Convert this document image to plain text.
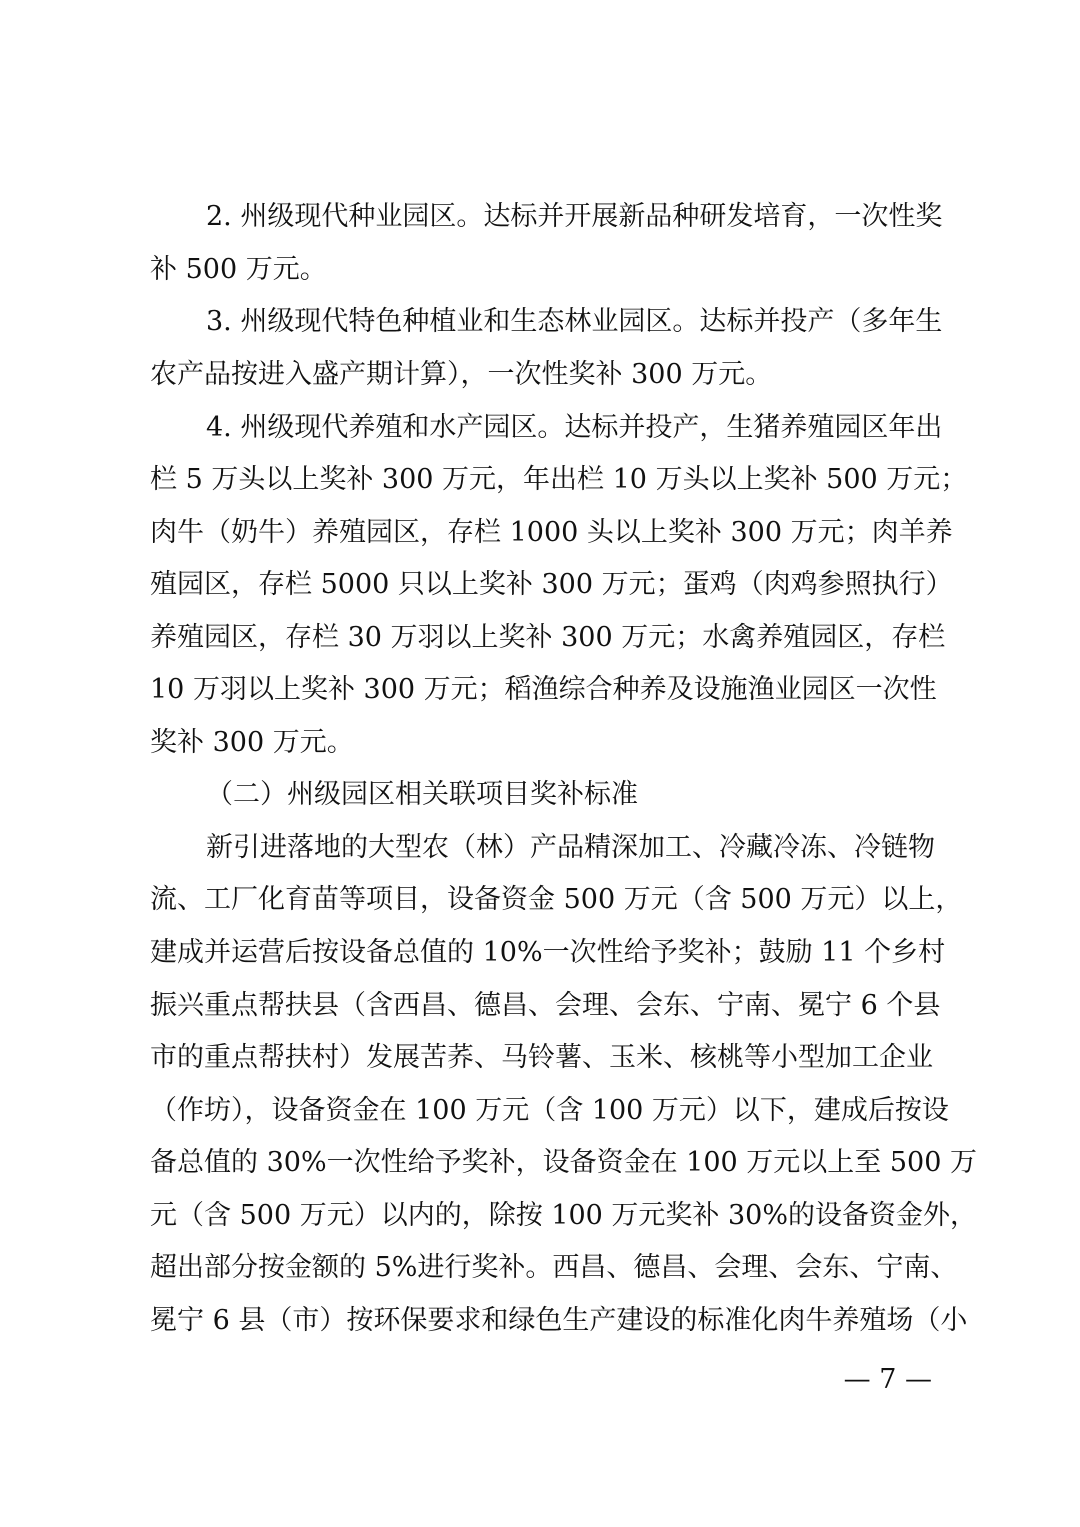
2. 州级现代种业园区。达标并开展新品种研发培育，一次性奖
补 500 万元。
3. 州级现代特色种植业和生态林业园区。达标并投产（多年生
农产品按进入盛产期计算），一次性奖补 300 万元。
4. 州级现代养殖和水产园区。达标并投产，生猪养殖园区年出
栏 5 万头以上奖补 300 万元，年出栏 10 万头以上奖补 500 万元；
肉牛（奶牛）养殖园区，存栏 1000 头以上奖补 300 万元；肉羊养
殖园区，存栏 5000 只以上奖补 300 万元；蛋鸡（肉鸡参照执行）
养殖园区，存栏 30 万羽以上奖补 300 万元；水禽养殖园区，存栏
10 万羽以上奖补 300 万元；稻渔综合种养及设施渔业园区一次性
奖补 300 万元。
（二）州级园区相关联项目奖补标准
新引进落地的大型农（林）产品精深加工、冷藏冷冻、冷链物
流、工厂化育苗等项目，设备资金 500 万元（含 500 万元）以上，
建成并运营后按设备总值的 10%一次性给予奖补；鼓励 11 个乡村
振兴重点帮扶县（含西昌、德昌、会理、会东、宁南、冕宁 6 个县
市的重点帮扶村）发展苦荞、马铃薯、玉米、核桃等小型加工企业
（作坊），设备资金在 100 万元（含 100 万元）以下，建成后按设
备总值的 30%一次性给予奖补，设备资金在 100 万元以上至 500 万
元（含 500 万元）以内的，除按 100 万元奖补 30%的设备资金外，
超出部分按金额的 5%进行奖补。西昌、德昌、会理、会东、宁南、
冕宁 6 县（市）按环保要求和绿色生产建设的标准化肉牛养殖场（小
— 7 —
